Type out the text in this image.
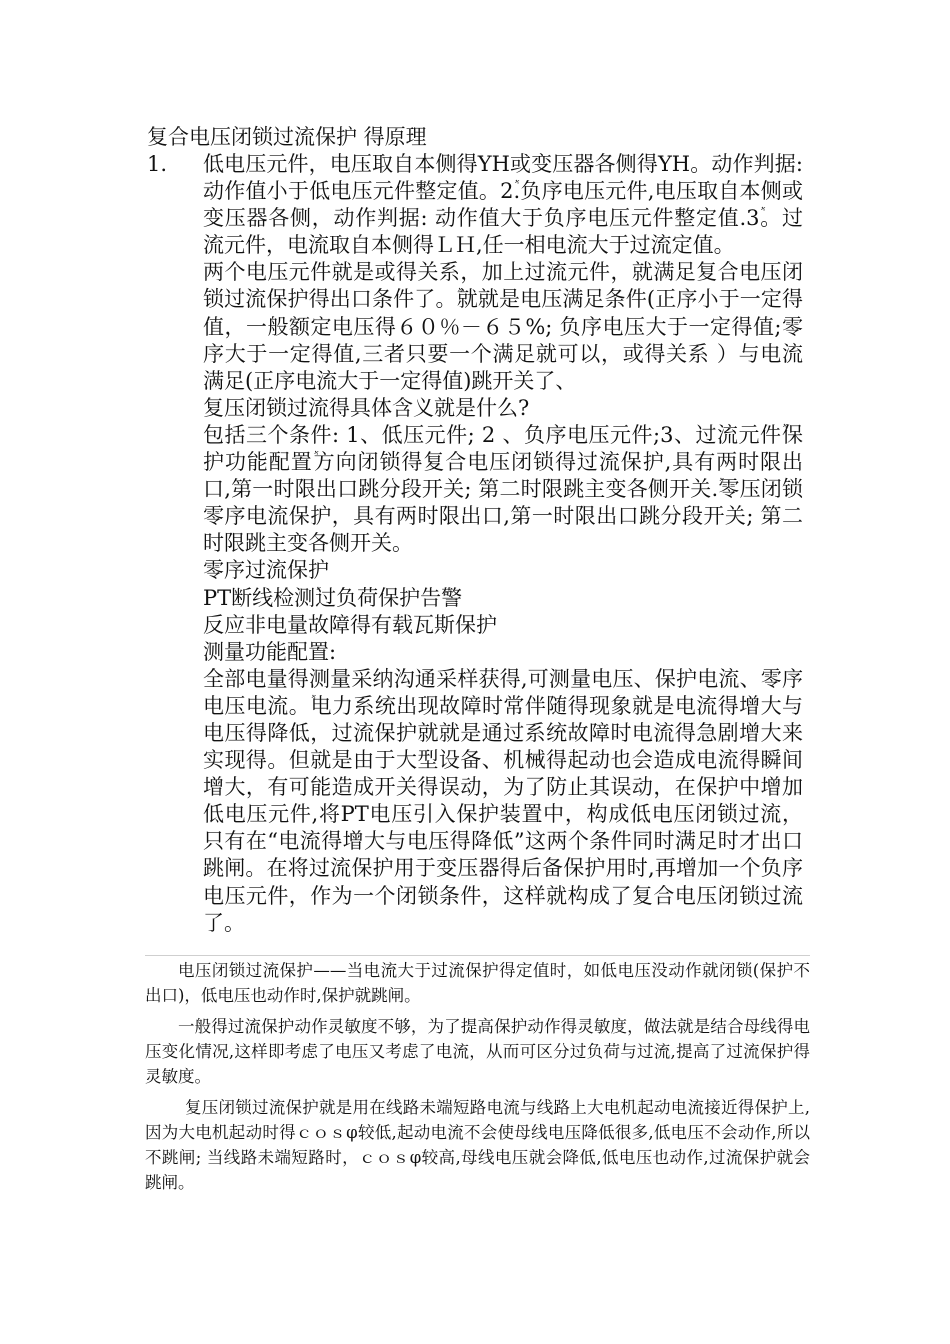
复合电压闭锁过流保护 得原理
1. 低电压元件，电压取自本侧得YH或变压器各侧得YH。动作判据: 动作值小于低电压元件整定值。2ٞ.负序电压元件,电压取自本侧或变压器各侧，动作判据: 动作值大于负序电压元件整定值.3ٞ。过流元件，电流取自本侧得ＬＨ,任一相电流大于过流定值。

两个电压元件就是或得关系，加上过流元件，就满足复合电压闭锁过流保护得出口条件了。ٞ就就是电压满足条件(正序小于一定得值，一般额定电压得６０％－６５%; 负序电压大于一定得值;零序大于一定得值,三者只要一个满足就可以，或得关系 ）与电流满足(正序电流大于一定得值)跳开关了、

复压闭锁过流得具体含义就是什么?

包括三个条件: 1、低压元件; 2 、负序电压元件;3、过流元件ٞ保护功能配置ٞ方向闭锁得复合电压闭锁得过流保护,具有两时限出口,第一时限出口跳分段开关; 第二时限跳主变各侧开关.ٞ零压闭锁零序电流保护，具有两时限出口,第一时限出口跳分段开关; 第二时限跳主变各侧开关。

零序过流保护

PT断线检测ٞ过负荷保护告警

反应非电量故障得有载瓦斯保护

测量功能配置:

全部电量得测量采纳沟通采样获得,可测量电压、保护电流、零序电压电流。ٞ电力系统出现故障时常伴随得现象就是电流得增大与电压得降低，过流保护就就是通过系统故障时电流得急剧增大来实现得。但就是由于大型设备、机械得起动也会造成电流得瞬间增大，有可能造成开关得误动，为了防止其误动，在保护中增加低电压元件,将PT电压引入保护装置中，构成低电压闭锁过流，只有在“电流得增大与电压得降低”这两个条件同时满足时才出口跳闸。在将过流保护用于变压器得后备保护用时,再增加一个负序电压元件，作为一个闭锁条件，这样就构成了复合电压闭锁过流了。

电压闭锁过流保护——当电流大于过流保护得定值时，如低电压没动作就闭锁(保护不出口)，低电压也动作时,保护就跳闸。

一般得过流保护动作灵敏度不够，为了提高保护动作得灵敏度，做法就是结合母线得电压变化情况,这样即考虑了电压又考虑了电流，从而可区分过负荷与过流,提高了过流保护得灵敏度。

复压闭锁过流保护就是用在线路未端短路电流与线路上大电机起动电流接近得保护上,因为大电机起动时得ｃｏｓφ较低,起动电流不会使母线电压降低很多,低电压不会动作,所以不跳闸; 当线路未端短路时，ｃｏｓφ较高,母线电压就会降低,低电压也动作,过流保护就会跳闸。
